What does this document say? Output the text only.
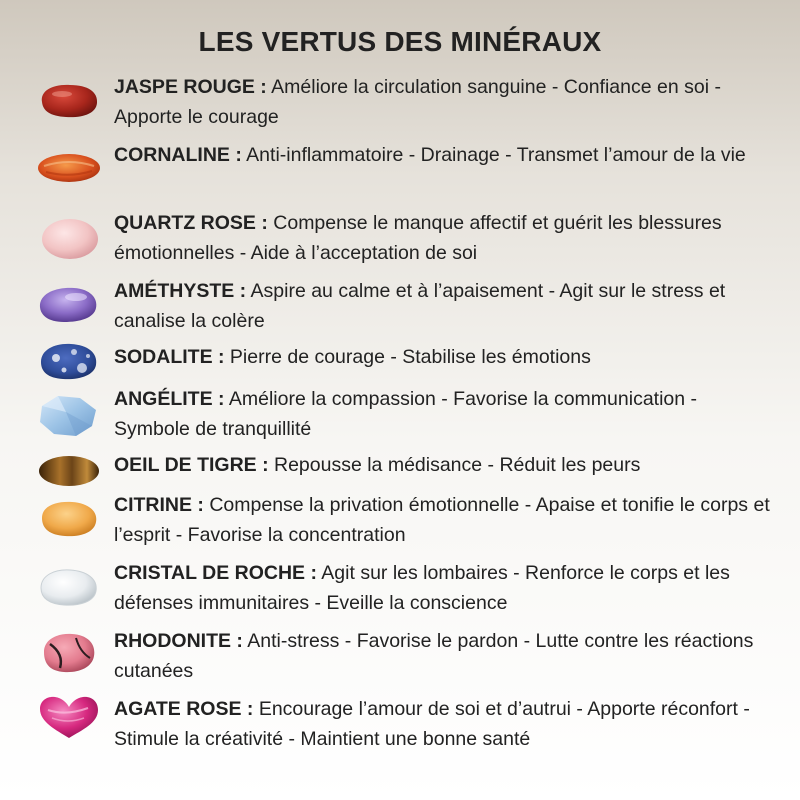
LES VERTUS DES MINÉRAUX
JASPE ROUGE : Améliore la circulation sanguine - Confiance en soi - Apporte le courage
CORNALINE : Anti-inflammatoire - Drainage - Transmet l’amour de la vie
QUARTZ ROSE : Compense le manque affectif et guérit les blessures émotionnelles - Aide à l’acceptation de soi
AMÉTHYSTE : Aspire au calme et à l’apaisement - Agit sur le stress et canalise la colère
SODALITE : Pierre de courage - Stabilise les émotions
ANGÉLITE : Améliore la compassion - Favorise la communication - Symbole de tranquillité
OEIL DE TIGRE : Repousse la médisance - Réduit les peurs
CITRINE : Compense la privation émotionnelle - Apaise et tonifie le corps et l’esprit - Favorise la concentration
CRISTAL DE ROCHE : Agit sur les lombaires - Renforce le corps et les défenses immunitaires - Eveille la conscience
RHODONITE : Anti-stress - Favorise le pardon - Lutte contre les réactions cutanées
AGATE ROSE : Encourage l’amour de soi et d’autrui - Apporte réconfort - Stimule la créativité - Maintient une bonne santé
